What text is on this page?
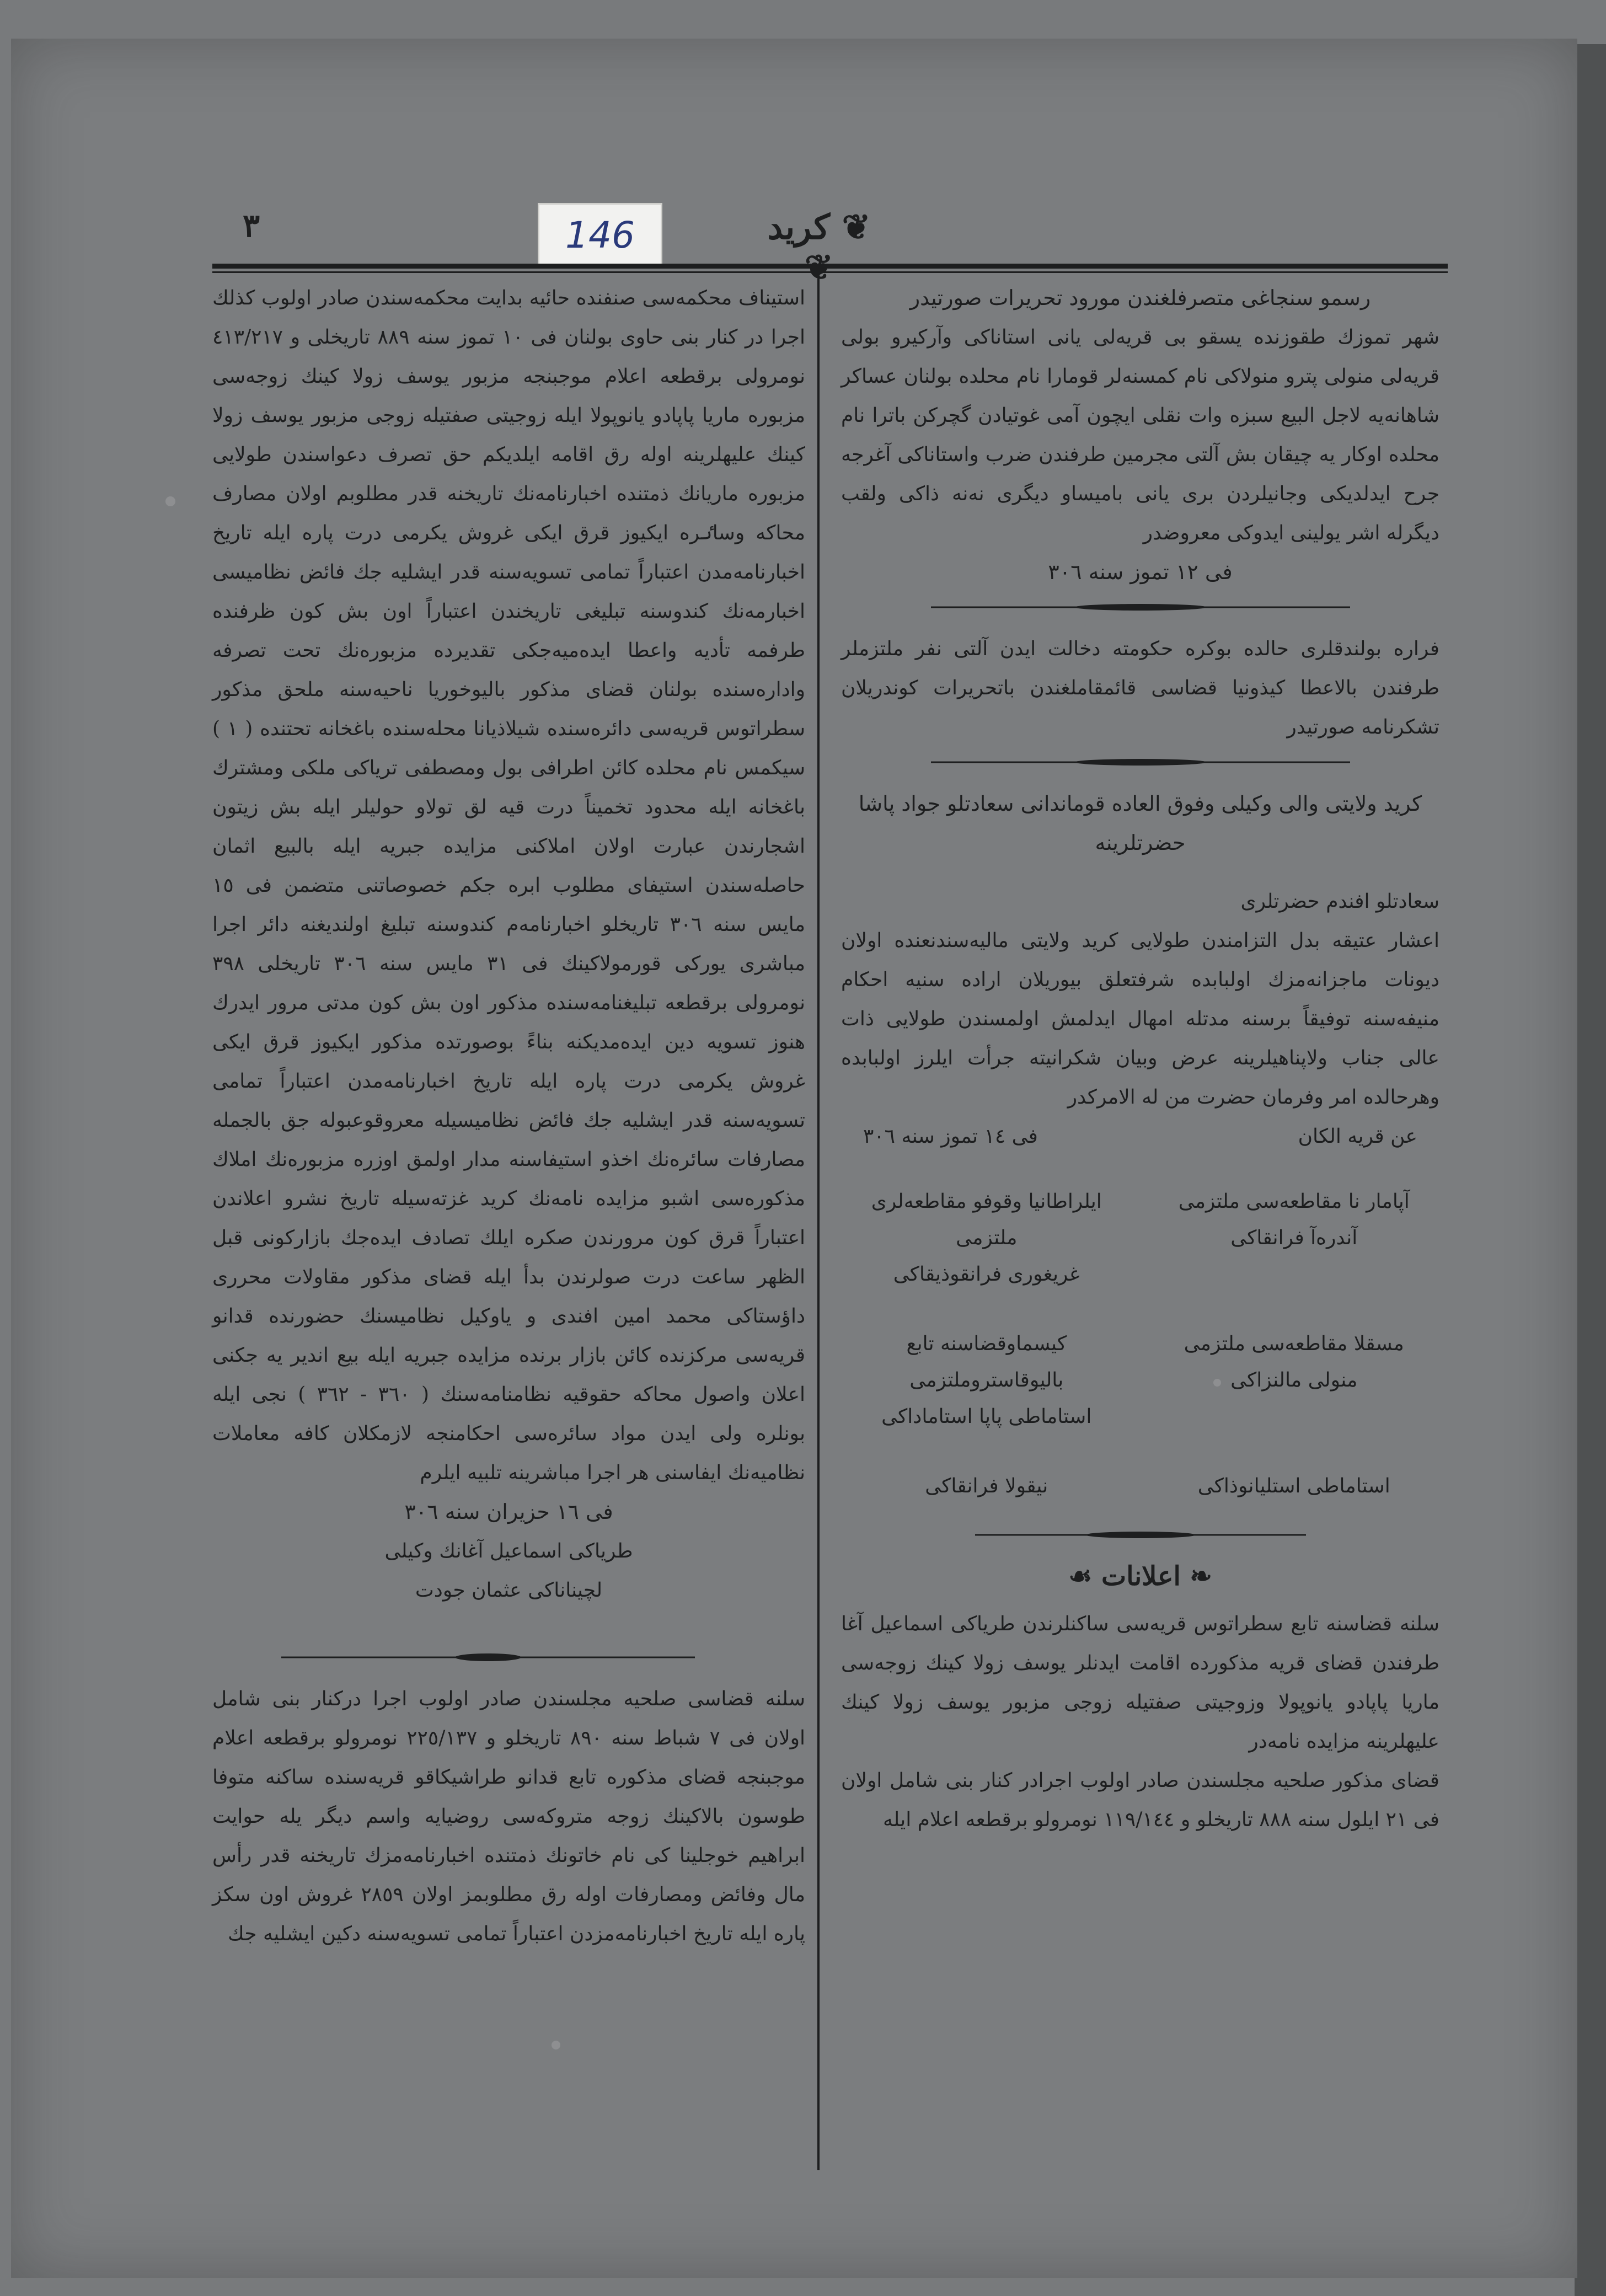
٣	146	❦ کريد

رسمو سنجاغی متصرفلغندن مورود تحريرات صورتيدر

شهر تموزك طقوزنده يسقو بی قريه‌لی يانی استاناكی وآركيرو بولی قريه‌لی منولی پترو منولاكی نام كمسنه‌لر قومارا نام محلده بولنان عساكر شاهانه‌يه لاجل البيع سبزه وات نقلی ايچون آمی غوتيادن گچركن باترا نام محلده اوكار يه چيقان بش آلتی مجرمين طرفندن ضرب واستاناكی آغرجه جرح ايدلديكی وجانيلردن بری يانی باميساو ديگری نه‌نه ذاكی ولقب ديگرله اشر يولينی ايدوكی معروضدر

فی ١٢ تموز سنه ٣٠٦

فراره بولندقلری حالده بوكره حكومته دخالت ايدن آلتی نفر ملتزملر طرفندن بالاعطا كيذونيا قضاسی قائمقاملغندن باتحريرات كوندريلان تشكرنامه صورتيدر

كريد ولايتی والی وكيلی وفوق العاده قوماندانی سعادتلو جواد پاشا حضرتلرينه

سعادتلو افندم حضرتلری

اعشار عتيقه بدل التزامندن طولايی كريد ولايتی ماليه‌سندنعنده اولان ديونات ماجزانه‌مزك اولبابده شرفتعلق بيوريلان اراده سنيه احكام منيفه‌سنه توفيقاً برسنه مدتله امهال ايدلمش اولمسندن طولايی ذات عالی جناب ولاپناهيلرينه عرض وبيان شكرانيته جرأت ايلرز اولبابده وهرحالده امر وفرمان حضرت من له الامركدر

عن قريه الكان
فی ١٤ تموز سنه ٣٠٦
آپامار نا مقاطعه‌سی ملتزمی
آندره‌آ فرانقاكی
ايلراطانيا وقوفو مقاطعه‌لری ملتزمی
غريغوری فرانقوذيقاكی
مسقلا مقاطعه‌سی ملتزمی
منولی مالنزاكی
كيسماوقضاسنه تابع باليوقاستروملتزمی
استاماطی پاپا استاماداكی
استاماطی استليانوذاكی
نيقولا فرانقاكی
❧ اعلانات ☙

سلنه قضاسنه تابع سطراتوس قريه‌سی ساكنلرندن طرياكی اسماعيل آغا طرفندن قضای قريه مذكورده اقامت ايدنلر يوسف زولا كينك زوجه‌سی ماريا پاپادو يانوپولا وزوجيتی صفتيله زوجی مزبور يوسف زولا كينك عليهلرينه مزايده نامه‌در

قضای مذكور صلحيه مجلسندن صادر اولوب اجرادر كنار بنی شامل اولان فی ٢١ ايلول سنه ٨٨٨ تاريخلو و ١١٩/١٤٤ نومرولو برقطعه اعلام ايله

استيناف محكمه‌سی صنفنده حائيه بدايت محكمه‌سندن صادر اولوب كذلك اجرا در كنار بنی حاوی بولنان فی ١٠ تموز سنه ٨٨٩ تاريخلی و ٤١٣/٢١٧ نومرولی برقطعه اعلام موجبنجه مزبور يوسف زولا كينك زوجه‌سی مزبوره ماريا پاپادو يانوپولا ايله زوجيتی صفتيله زوجی مزبور يوسف زولا كينك عليهلرينه اوله رق اقامه ايلديكم حق تصرف دعواسندن طولايی مزبوره ماريانك ذمتنده اخبارنامه‌نك تاريخنه قدر مطلوبم اولان مصارف محاكه وساٸره ايكيوز قرق ايكی غروش يكرمی درت پاره ايله تاريخ اخبارنامه‌مدن اعتباراً تمامی تسويه‌سنه قدر ايشليه جك فائض نظاميسی اخبارمه‌نك كندوسنه تبليغی تاريخندن اعتباراً اون بش كون ظرفنده طرفمه تأديه واعطا ايده‌ميه‌جكی تقديرده مزبوره‌نك تحت تصرفه واداره‌سنده بولنان قضای مذكور باليوخوريا ناحيه‌سنه ملحق مذكور سطراتوس قريه‌سی دائره‌سنده شيلاذيانا محله‌سنده باغخانه تحتنده ( ١ ) سيكمس نام محلده كائن اطرافی بول ومصطفی ترياكی ملكی ومشترك باغخانه ايله محدود تخميناً درت قيه لق تولاو حوليلر ايله بش زيتون اشجارندن عبارت اولان املاكنی مزايده جبريه ايله بالبيع اثمان حاصله‌سندن استيفای مطلوب ابره جكم خصوصاتنی متضمن فی ١٥ مايس سنه ٣٠٦ تاريخلو اخبارنامه‌م كندوسنه تبليغ اولندیغنه دائر اجرا مباشری يوركی قورمولاكينك فی ٣١ مايس سنه ٣٠٦ تاريخلی ٣٩٨ نومرولی برقطعه تبليغنامه‌سنده مذكور اون بش كون مدتی مرور ايدرك هنوز تسويه دين ايده‌مديكنه بناءً بوصورتده مذكور ايكيوز قرق ايكی غروش يكرمی درت پاره ايله تاريخ اخبارنامه‌مدن اعتباراً تمامی تسويه‌سنه قدر ايشليه جك فائض نظاميسيله معروقوعبوله جق بالجمله مصارفات سائره‌نك اخذو استيفاسنه مدار اولمق اوزره مزبوره‌نك املاك مذكوره‌سی اشبو مزايده نامه‌نك كريد غزته‌سيله تاريخ نشرو اعلاندن اعتباراً قرق كون مرورندن صكره ايلك تصادف ايده‌جك بازاركونی قبل الظهر ساعت درت صولرندن بدأ ايله قضای مذكور مقاولات محرری داؤستاكی محمد امين افندی و ياوكيل نظاميسنك حضورنده قدانو قريه‌سی مركزنده كائن بازار برنده مزايده جبريه ايله بيع اندير يه جكنی اعلان واصول محاكه حقوقيه نظامنامه‌سنك ( ٣٦٠ - ٣٦٢ ) نجی ايله بونلره ولی ايدن مواد سائره‌سی احكامنجه لازمكلان كافه معاملات نظاميه‌نك ايفاسنی هر اجرا مباشرينه تلبيه ايلرم

فی ١٦ حزيران سنه ٣٠٦

طرياكی اسماعيل آغانك وكيلی

لچيناناكی عثمان جودت

سلنه قضاسی صلحيه مجلسندن صادر اولوب اجرا دركنار بنی شامل اولان فی ٧ شباط سنه ٨٩٠ تاريخلو و ٢٢٥/١٣٧ نومرولو برقطعه اعلام موجبنجه قضای مذكوره تابع قدانو طراشيكاقو قريه‌سنده ساكنه متوفا طوسون بالاكينك زوجه متروكه‌سی روضيايه واسم ديگر يله حوايت ابراهيم خوجلينا كی نام خاتونك ذمتنده اخبارنامه‌مزك تاريخنه قدر رأس مال وفائض ومصارفات اوله رق مطلوبمز اولان ٢٨٥٩ غروش اون سكز پاره ايله تاريخ اخبارنامه‌مزدن اعتباراً تمامی تسويه‌سنه دكين ايشليه جك
